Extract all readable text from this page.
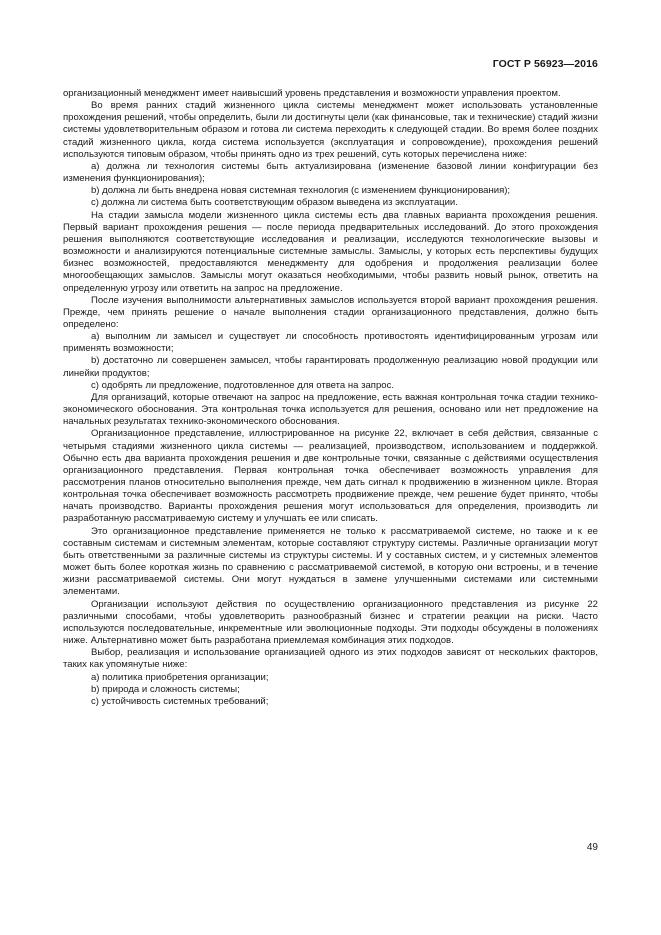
ГОСТ Р 56923—2016

организационный менеджмент имеет наивысший уровень представления и возможности управления проектом.

Во время ранних стадий жизненного цикла системы менеджмент может использовать установленные прохождения решений, чтобы определить, были ли достигнуты цели (как финансовые, так и технические) стадий жизни системы удовлетворительным образом и готова ли система переходить к следующей стадии. Во время более поздних стадий жизненного цикла, когда система используется (эксплуатация и сопровождение), прохождения решений используются типовым образом, чтобы принять одно из трех решений, суть которых перечислена ниже:

a) должна ли технология системы быть актуализирована (изменение базовой линии конфигурации без изменения функционирования);

b) должна ли быть внедрена новая системная технология (с изменением функционирования);

c) должна ли система быть соответствующим образом выведена из эксплуатации.

На стадии замысла модели жизненного цикла системы есть два главных варианта прохождения решения. Первый вариант прохождения решения — после периода предварительных исследований. До этого прохождения решения выполняются соответствующие исследования и реализации, исследуются технологические вызовы и возможности и анализируются потенциальные системные замыслы. Замыслы, у которых есть перспективы будущих бизнес возможностей, предоставляются менеджменту для одобрения и продолжения реализации более многообещающих замыслов. Замыслы могут оказаться необходимыми, чтобы развить новый рынок, ответить на определенную угрозу или ответить на запрос на предложение.

После изучения выполнимости альтернативных замыслов используется второй вариант прохождения решения. Прежде, чем принять решение о начале выполнения стадии организационного представления, должно быть определено:

a) выполним ли замысел и существует ли способность противостоять идентифицированным угрозам или применять возможности;

b) достаточно ли совершенен замысел, чтобы гарантировать продолженную реализацию новой продукции или линейки продуктов;

c) одобрять ли предложение, подготовленное для ответа на запрос.

Для организаций, которые отвечают на запрос на предложение, есть важная контрольная точка стадии технико-экономического обоснования. Эта контрольная точка используется для решения, основано или нет предложение на начальных результатах технико-экономического обоснования.

Организационное представление, иллюстрированное на рисунке 22, включает в себя действия, связанные с четырьмя стадиями жизненного цикла системы — реализацией, производством, использованием и поддержкой. Обычно есть два варианта прохождения решения и две контрольные точки, связанные с действиями осуществления организационного представления. Первая контрольная точка обеспечивает возможность управления для рассмотрения планов относительно выполнения прежде, чем дать сигнал к продвижению в жизненном цикле. Вторая контрольная точка обеспечивает возможность рассмотреть продвижение прежде, чем решение будет принято, чтобы начать производство. Варианты прохождения решения могут использоваться для определения, производить ли разработанную рассматриваемую систему и улучшать ее или списать.

Это организационное представление применяется не только к рассматриваемой системе, но также и к ее составным системам и системным элементам, которые составляют структуру системы. Различные организации могут быть ответственными за различные системы из структуры системы. И у составных систем, и у системных элементов может быть более короткая жизнь по сравнению с рассматриваемой системой, в которую они встроены, и в течение жизни рассматриваемой системы. Они могут нуждаться в замене улучшенными системами или системными элементами.

Организации используют действия по осуществлению организационного представления из рисунке 22 различными способами, чтобы удовлетворить разнообразный бизнес и стратегии реакции на риски. Часто используются последовательные, инкрементные или эволюционные подходы. Эти подходы обсуждены в положениях ниже. Альтернативно может быть разработана приемлемая комбинация этих подходов.

Выбор, реализация и использование организацией одного из этих подходов зависят от нескольких факторов, таких как упомянутые ниже:

a) политика приобретения организации;

b) природа и сложность системы;

c) устойчивость системных требований;

49
